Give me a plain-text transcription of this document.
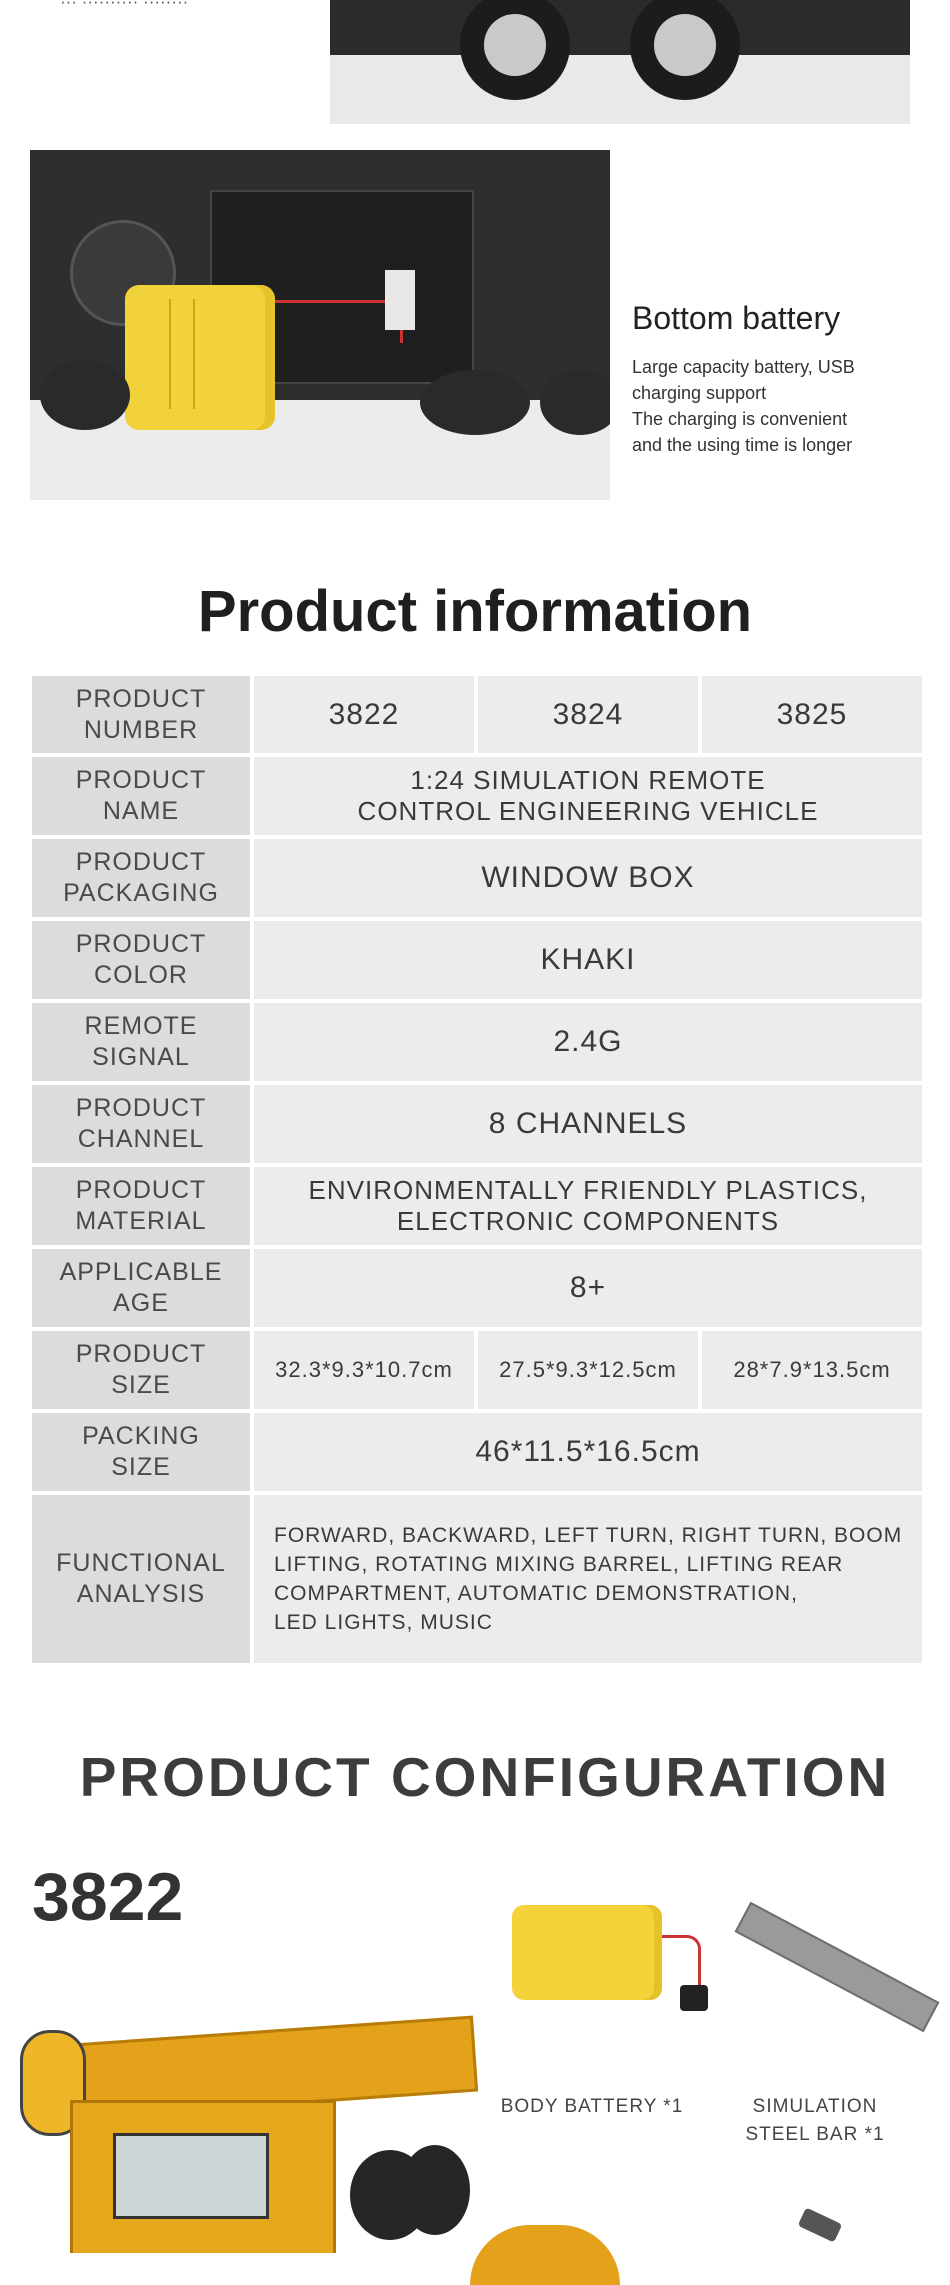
··· ·········· ········
Bottom battery
Large capacity battery, USB
charging support
The charging is convenient
and the using time is longer
Product information
PRODUCT
NUMBER	3822	3824	3825

PRODUCT
NAME	1:24 SIMULATION REMOTE
CONTROL ENGINEERING VEHICLE		

PRODUCT
PACKAGING	WINDOW BOX		

PRODUCT
COLOR	KHAKI		

REMOTE
SIGNAL	2.4G		

PRODUCT
CHANNEL	8 CHANNELS		

PRODUCT
MATERIAL	ENVIRONMENTALLY FRIENDLY PLASTICS,
ELECTRONIC COMPONENTS		

APPLICABLE
AGE	8+		

PRODUCT
SIZE	32.3*9.3*10.7cm	27.5*9.3*12.5cm	28*7.9*13.5cm

PACKING
SIZE	46*11.5*16.5cm		

FUNCTIONAL
ANALYSIS	FORWARD, BACKWARD, LEFT TURN, RIGHT TURN, BOOM
LIFTING, ROTATING MIXING BARREL, LIFTING REAR
COMPARTMENT, AUTOMATIC DEMONSTRATION,
LED LIGHTS, MUSIC		
PRODUCT CONFIGURATION
3822
BODY BATTERY *1	SIMULATION
STEEL BAR *1
